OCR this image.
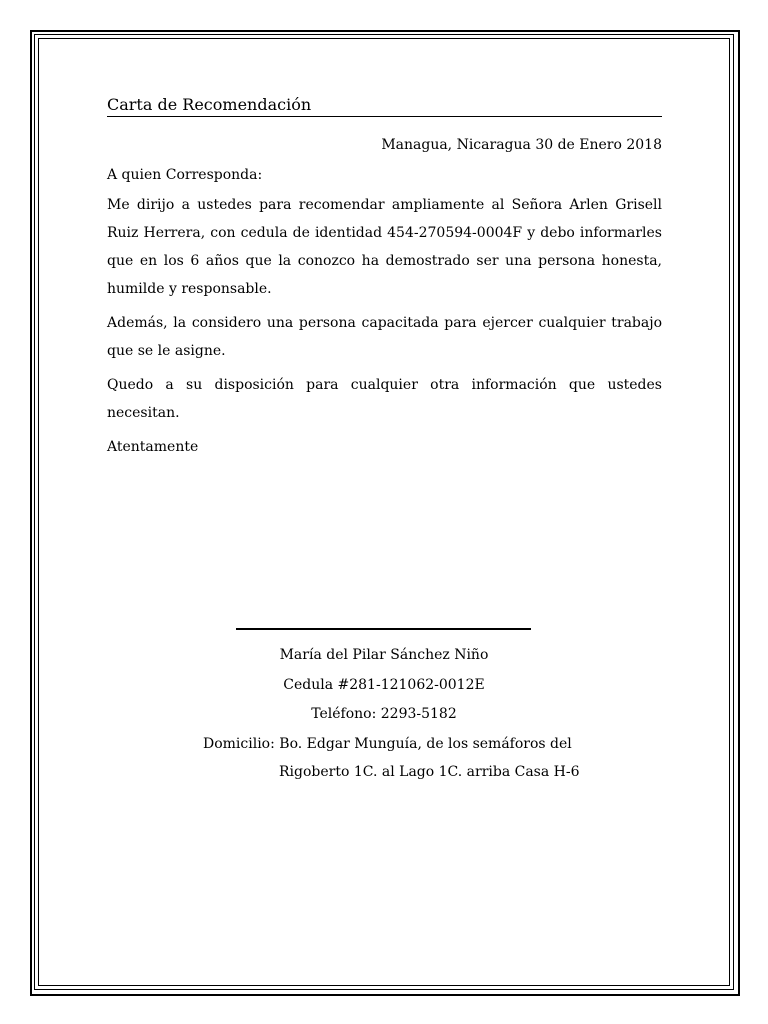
Carta de Recomendación
Managua, Nicaragua 30 de Enero 2018
A quien Corresponda:

Me dirijo a ustedes para recomendar ampliamente al Señora Arlen Grisell Ruiz Herrera, con cedula de identidad 454-270594-0004F y debo informarles que en los 6 años que la conozco ha demostrado ser una persona honesta, humilde y responsable.

Además, la considero una persona capacitada para ejercer cualquier trabajo que se le asigne.

Quedo a su disposición para cualquier otra información que ustedes necesitan.

Atentamente
María del Pilar Sánchez Niño
Cedula #281-121062-0012E
Teléfono: 2293-5182
Domicilio: Bo. Edgar Munguía, de los semáforos del
Rigoberto 1C. al Lago 1C. arriba Casa H-6
